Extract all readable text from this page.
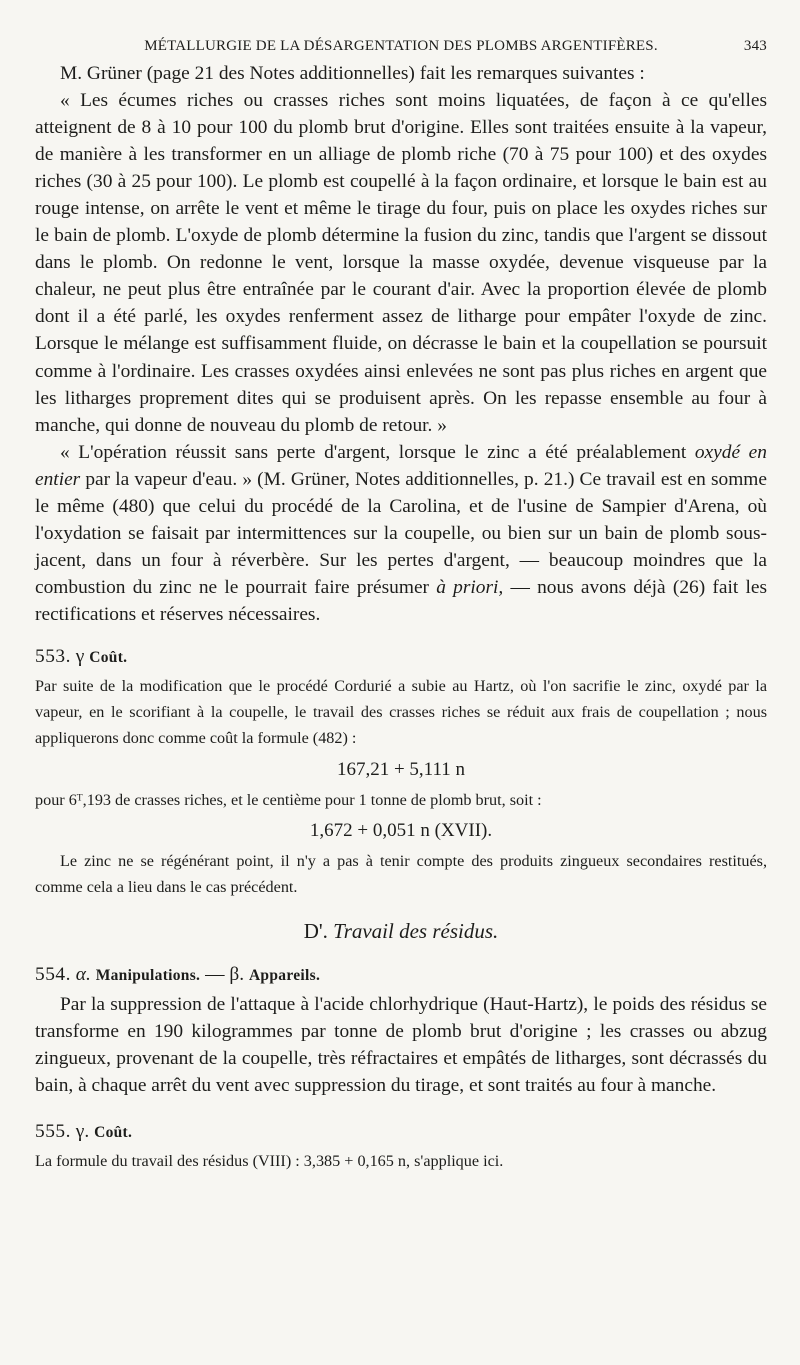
MÉTALLURGIE DE LA DÉSARGENTATION DES PLOMBS ARGENTIFÈRES.	343

M. Grüner (page 21 des Notes additionnelles) fait les remarques suivantes :

« Les écumes riches ou crasses riches sont moins liquatées, de façon à ce qu'elles atteignent de 8 à 10 pour 100 du plomb brut d'origine. Elles sont traitées ensuite à la vapeur, de manière à les transformer en un alliage de plomb riche (70 à 75 pour 100) et des oxydes riches (30 à 25 pour 100). Le plomb est coupellé à la façon ordinaire, et lorsque le bain est au rouge intense, on arrête le vent et même le tirage du four, puis on place les oxydes riches sur le bain de plomb. L'oxyde de plomb détermine la fusion du zinc, tandis que l'argent se dissout dans le plomb. On redonne le vent, lorsque la masse oxydée, devenue visqueuse par la chaleur, ne peut plus être entraînée par le courant d'air. Avec la proportion élevée de plomb dont il a été parlé, les oxydes renferment assez de litharge pour empâter l'oxyde de zinc. Lorsque le mélange est suffisamment fluide, on décrasse le bain et la coupellation se poursuit comme à l'ordinaire. Les crasses oxydées ainsi enlevées ne sont pas plus riches en argent que les litharges proprement dites qui se produisent après. On les repasse ensemble au four à manche, qui donne de nouveau du plomb de retour. »

« L'opération réussit sans perte d'argent, lorsque le zinc a été préalablement oxydé en entier par la vapeur d'eau. » (M. Grüner, Notes additionnelles, p. 21.) Ce travail est en somme le même (480) que celui du procédé de la Carolina, et de l'usine de Sampier d'Arena, où l'oxydation se faisait par intermittences sur la coupelle, ou bien sur un bain de plomb sous-jacent, dans un four à réverbère. Sur les pertes d'argent, — beaucoup moindres que la combustion du zinc ne le pourrait faire présumer à priori, — nous avons déjà (26) fait les rectifications et réserves nécessaires.

553. γ Coût.

Par suite de la modification que le procédé Cordurié a subie au Hartz, où l'on sacrifie le zinc, oxydé par la vapeur, en le scorifiant à la coupelle, le travail des crasses riches se réduit aux frais de coupellation ; nous appliquerons donc comme coût la formule (482) :

167,21 + 5,111 n

pour 6ᵀ,193 de crasses riches, et le centième pour 1 tonne de plomb brut, soit :

1,672 + 0,051 n (XVII).

Le zinc ne se régénérant point, il n'y a pas à tenir compte des produits zingueux secondaires restitués, comme cela a lieu dans le cas précédent.

D'. Travail des résidus.
554. α. Manipulations. — β. Appareils.

Par la suppression de l'attaque à l'acide chlorhydrique (Haut-Hartz), le poids des résidus se transforme en 190 kilogrammes par tonne de plomb brut d'origine ; les crasses ou abzug zingueux, provenant de la coupelle, très réfractaires et empâtés de litharges, sont décrassés du bain, à chaque arrêt du vent avec suppression du tirage, et sont traités au four à manche.

555. γ. Coût.

La formule du travail des résidus (VIII) : 3,385 + 0,165 n, s'applique ici.
